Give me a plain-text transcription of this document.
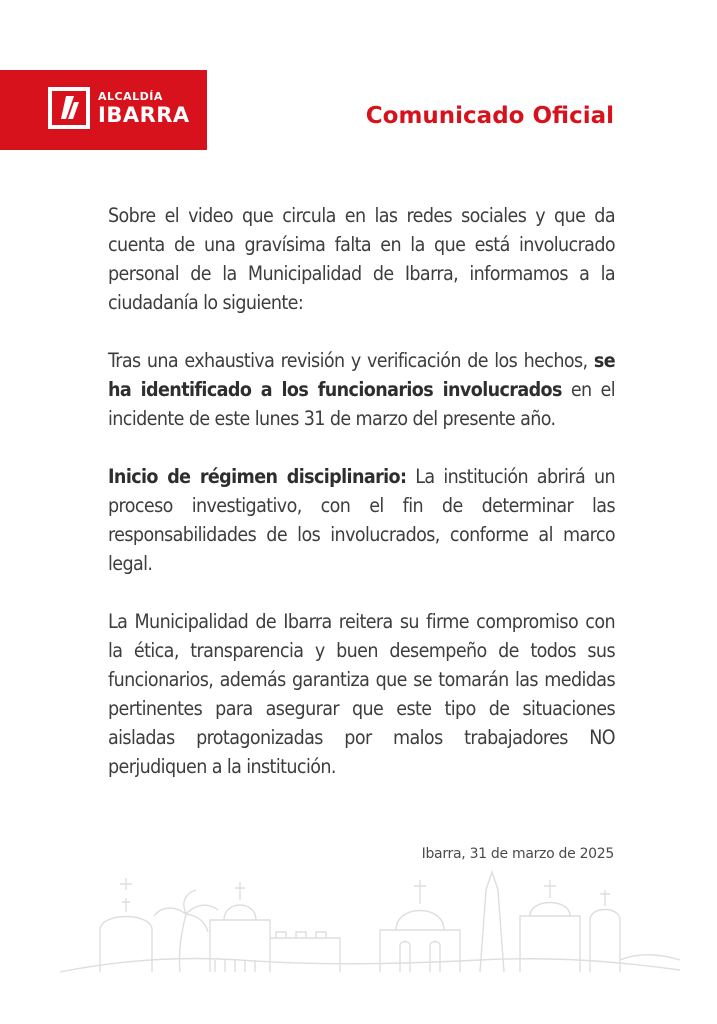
ALCALDÍA
IBARRA	Comunicado Oficial

Sobre el video que circula en las redes sociales y que da cuenta de una gravísima falta en la que está involucrado personal de la Municipalidad de Ibarra, informamos a la ciudadanía lo siguiente:

Tras una exhaustiva revisión y verificación de los hechos, se ha identificado a los funcionarios involucrados en el incidente de este lunes 31 de marzo del presente año.

Inicio de régimen disciplinario: La institución abrirá un proceso investigativo, con el fin de determinar las responsabilidades de los involucrados, conforme al marco legal.

La Municipalidad de Ibarra reitera su firme compromiso con la ética, transparencia y buen desempeño de todos sus funcionarios, además garantiza que se tomarán las medidas pertinentes para asegurar que este tipo de situaciones aisladas protagonizadas por malos trabajadores NO perjudiquen a la institución.

Ibarra, 31 de marzo de 2025
